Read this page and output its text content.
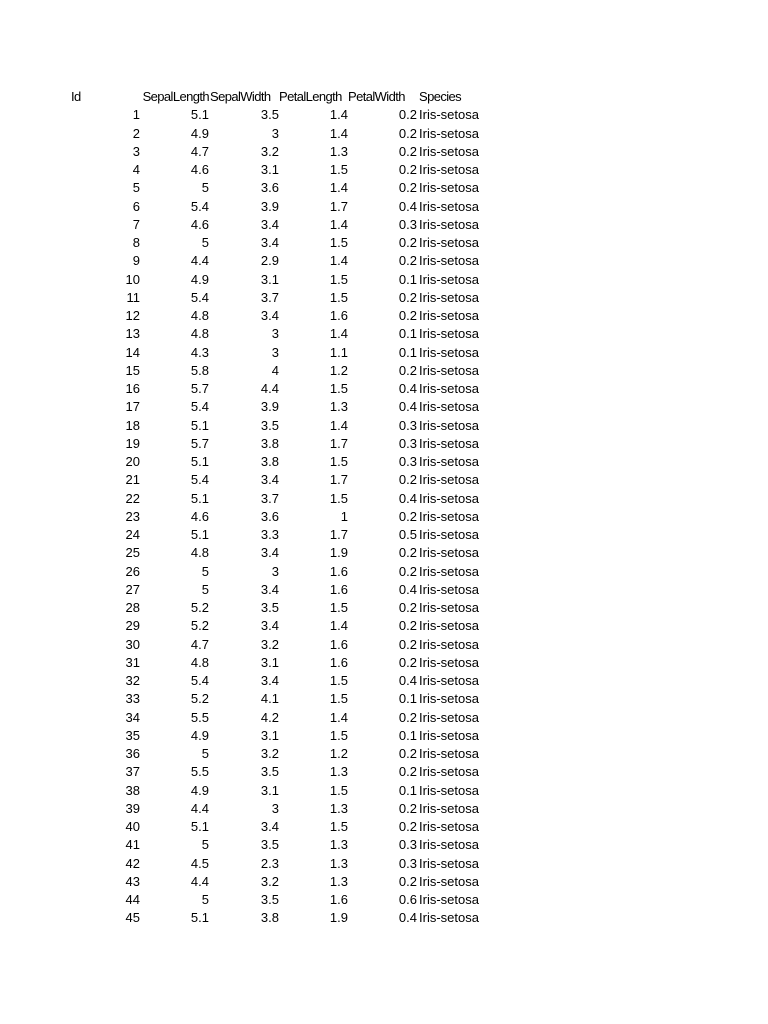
Id	SepalLength SepalWidth PetalLength PetalWidth	Species
1	5.1	3.5	1.4	0.2 Iris-setosa
2	4.9	3	1.4	0.2 Iris-setosa
3	4.7	3.2	1.3	0.2 Iris-setosa
4	4.6	3.1	1.5	0.2 Iris-setosa
5	5	3.6	1.4	0.2 Iris-setosa
6	5.4	3.9	1.7	0.4 Iris-setosa
7	4.6	3.4	1.4	0.3 Iris-setosa
8	5	3.4	1.5	0.2 Iris-setosa
9	4.4	2.9	1.4	0.2 Iris-setosa
10	4.9	3.1	1.5	0.1 Iris-setosa
11	5.4	3.7	1.5	0.2 Iris-setosa
12	4.8	3.4	1.6	0.2 Iris-setosa
13	4.8	3	1.4	0.1 Iris-setosa
14	4.3	3	1.1	0.1 Iris-setosa
15	5.8	4	1.2	0.2 Iris-setosa
16	5.7	4.4	1.5	0.4 Iris-setosa
17	5.4	3.9	1.3	0.4 Iris-setosa
18	5.1	3.5	1.4	0.3 Iris-setosa
19	5.7	3.8	1.7	0.3 Iris-setosa
20	5.1	3.8	1.5	0.3 Iris-setosa
21	5.4	3.4	1.7	0.2 Iris-setosa
22	5.1	3.7	1.5	0.4 Iris-setosa
23	4.6	3.6	1	0.2 Iris-setosa
24	5.1	3.3	1.7	0.5 Iris-setosa
25	4.8	3.4	1.9	0.2 Iris-setosa
26	5	3	1.6	0.2 Iris-setosa
27	5	3.4	1.6	0.4 Iris-setosa
28	5.2	3.5	1.5	0.2 Iris-setosa
29	5.2	3.4	1.4	0.2 Iris-setosa
30	4.7	3.2	1.6	0.2 Iris-setosa
31	4.8	3.1	1.6	0.2 Iris-setosa
32	5.4	3.4	1.5	0.4 Iris-setosa
33	5.2	4.1	1.5	0.1 Iris-setosa
34	5.5	4.2	1.4	0.2 Iris-setosa
35	4.9	3.1	1.5	0.1 Iris-setosa
36	5	3.2	1.2	0.2 Iris-setosa
37	5.5	3.5	1.3	0.2 Iris-setosa
38	4.9	3.1	1.5	0.1 Iris-setosa
39	4.4	3	1.3	0.2 Iris-setosa
40	5.1	3.4	1.5	0.2 Iris-setosa
41	5	3.5	1.3	0.3 Iris-setosa
42	4.5	2.3	1.3	0.3 Iris-setosa
43	4.4	3.2	1.3	0.2 Iris-setosa
44	5	3.5	1.6	0.6 Iris-setosa
45	5.1	3.8	1.9	0.4 Iris-setosa
